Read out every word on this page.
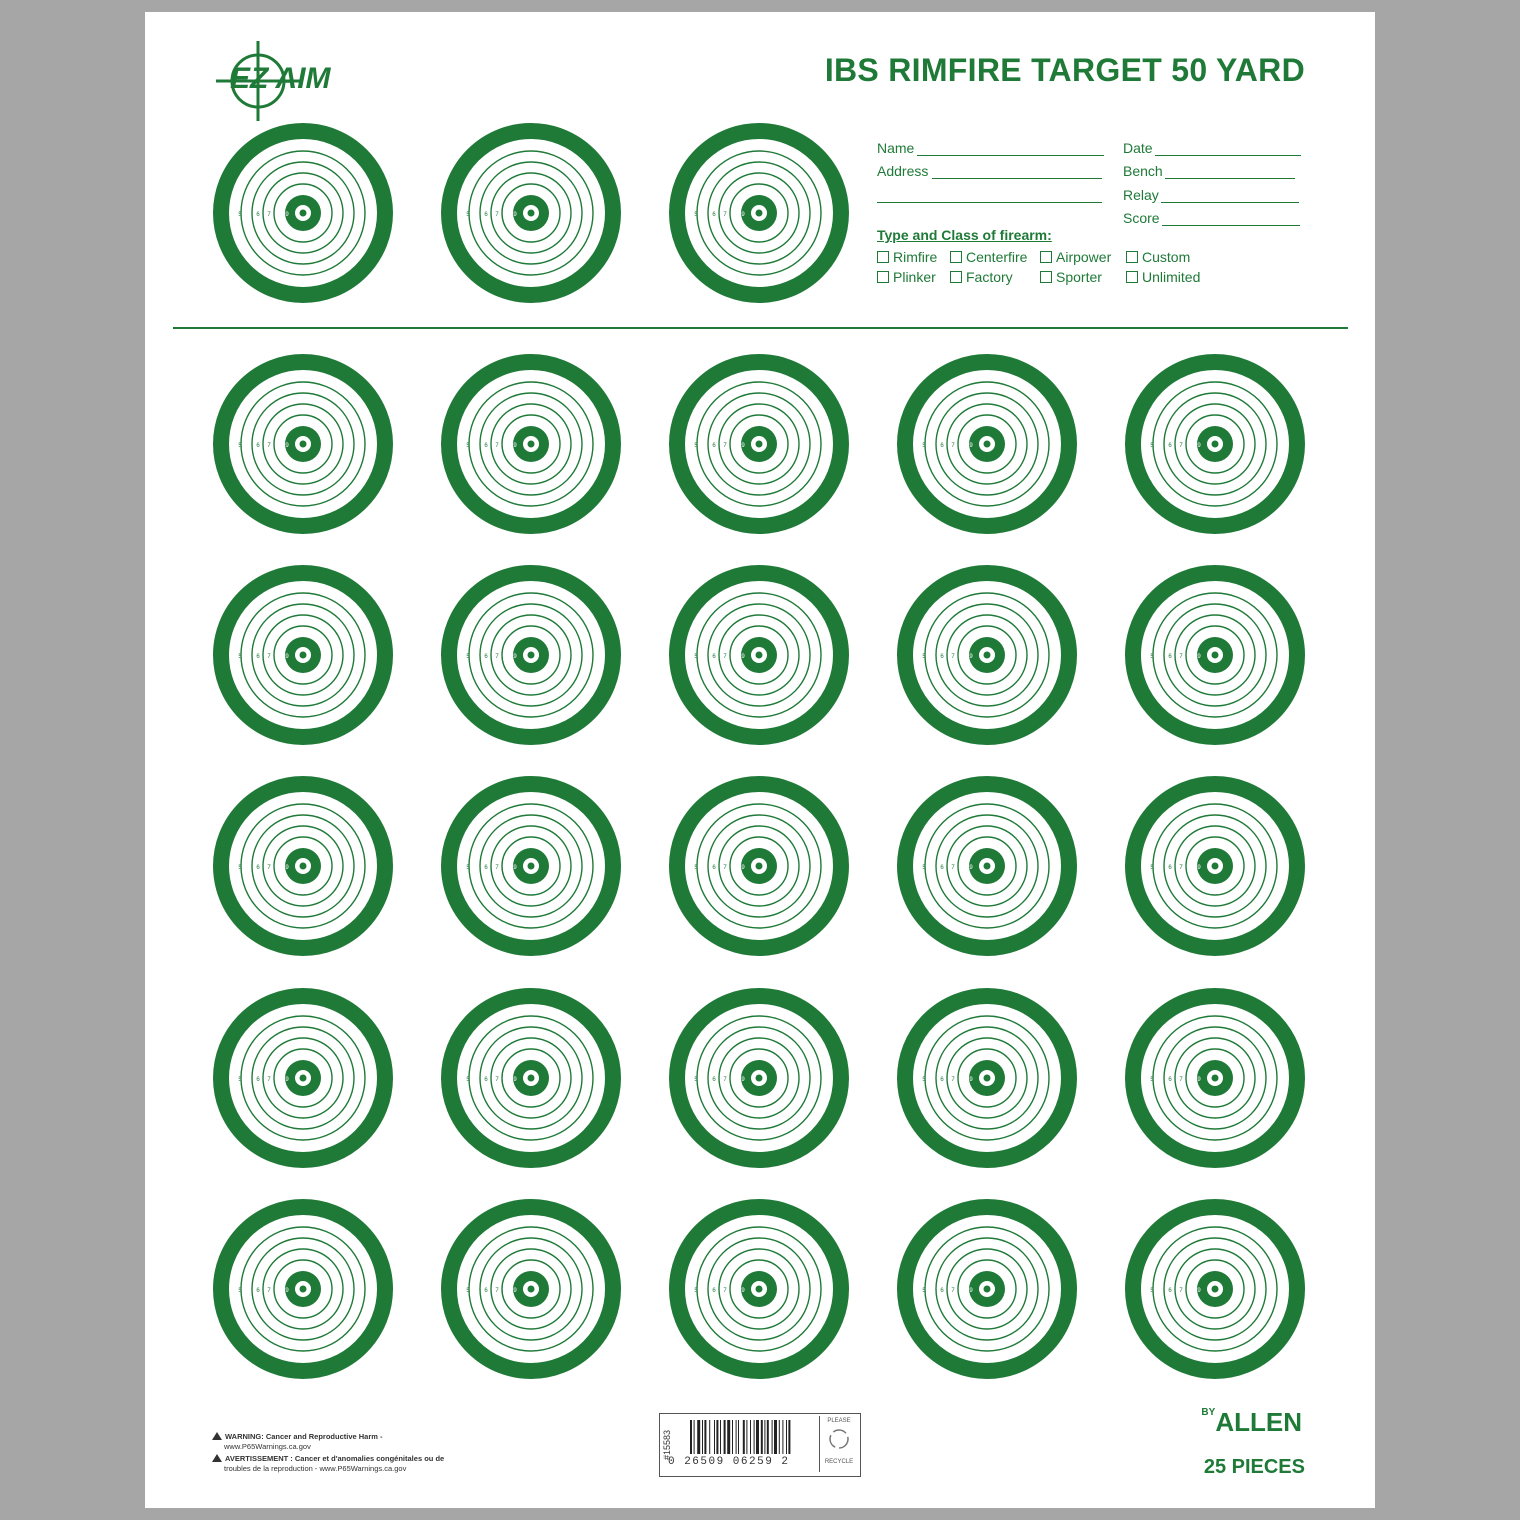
EZ AIM	IBS RIMFIRE TARGET 50 YARD
Name
Address
Date
Bench
Relay
Score
Type and Class of firearm:
Rimfire Centerfire Airpower Custom
Plinker Factory	Sporter	Unlimited
4	5 6 7 8 9	4	5 6 7 8 9	4	5 6 7 8 9
4	5 6 7 8 9	4	5 6 7 8 9	4	5 6 7 8 9	4	5 6 7 8 9	4	5 6 7 8 9
4	5 6 7 8 9	4	5 6 7 8 9	4	5 6 7 8 9	4	5 6 7 8 9	4	5 6 7 8 9
4	5 6 7 8 9	4	5 6 7 8 9	4	5 6 7 8 9	4	5 6 7 8 9	4	5 6 7 8 9
4	5 6 7 8 9	4	5 6 7 8 9	4	5 6 7 8 9	4	5 6 7 8 9	4	5 6 7 8 9
4	5 6 7 8 9	4	5 6 7 8 9	4	5 6 7 8 9	4	5 6 7 8 9	4	5 6 7 8 9
WARNING: Cancer and Reproductive Harm -
www.P65Warnings.ca.gov
AVERTISSEMENT : Cancer et d'anomalies congénitales ou de
troubles de la reproduction - www.P65Warnings.ca.gov
#15583
0 26509 06259 2
PLEASE
RECYCLE
$^{BY}$ALLEN
25 PIECES
